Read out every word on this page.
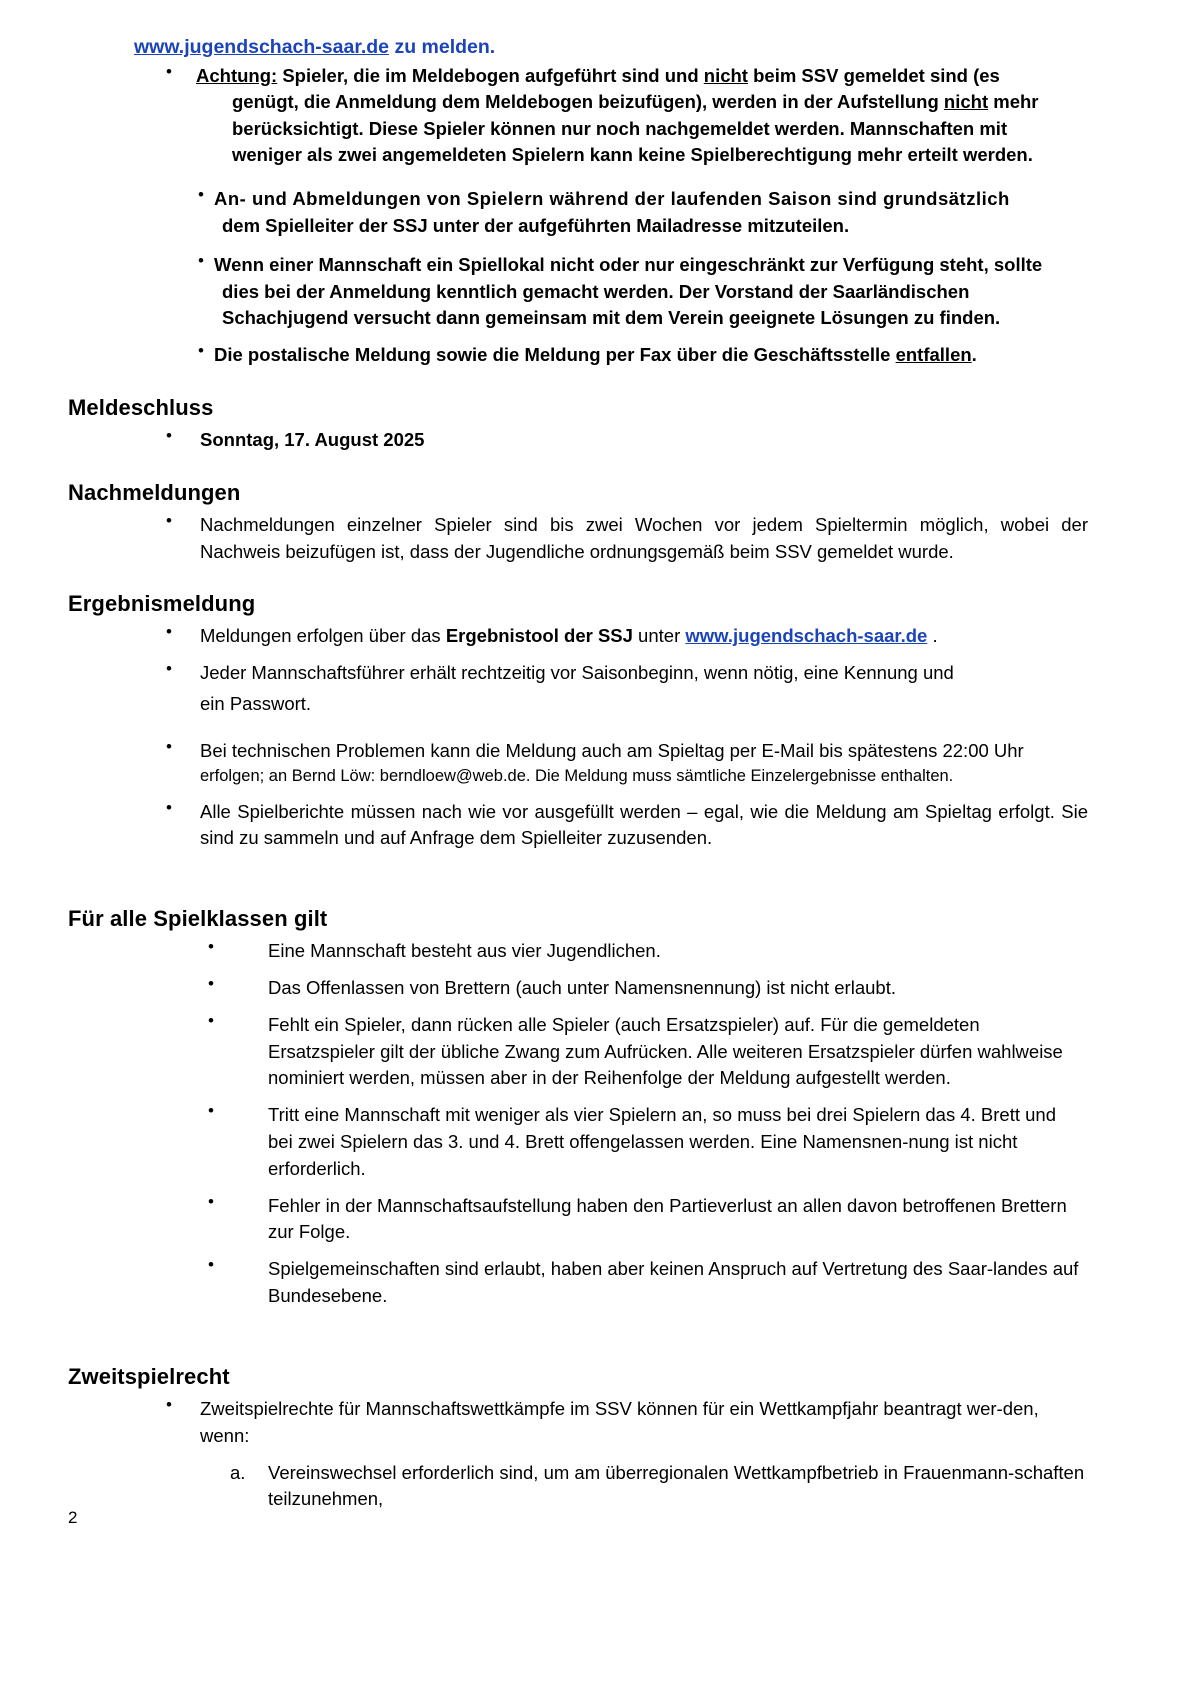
www.jugendschach-saar.de zu melden.
• Achtung: Spieler, die im Meldebogen aufgeführt sind und nicht beim SSV gemeldet sind (es
genügt, die Anmeldung dem Meldebogen beizufügen), werden in der Aufstellung nicht mehr
berücksichtigt. Diese Spieler können nur noch nachgemeldet werden. Mannschaften mit
weniger als zwei angemeldeten Spielern kann keine Spielberechtigung mehr erteilt werden.
• An- und Abmeldungen von Spielern während der laufenden Saison sind grundsätzlich
dem Spielleiter der SSJ unter der aufgeführten Mailadresse mitzuteilen.
• Wenn einer Mannschaft ein Spiellokal nicht oder nur eingeschränkt zur Verfügung steht, sollte
dies bei der Anmeldung kenntlich gemacht werden. Der Vorstand der Saarländischen
Schachjugend versucht dann gemeinsam mit dem Verein geeignete Lösungen zu finden.
• Die postalische Meldung sowie die Meldung per Fax über die Geschäftsstelle entfallen.
Meldeschluss
• Sonntag, 17. August 2025
Nachmeldungen
• Nachmeldungen einzelner Spieler sind bis zwei Wochen vor jedem Spieltermin möglich, wobei der Nachweis beizufügen ist, dass der Jugendliche ordnungsgemäß beim SSV gemeldet wurde.
Ergebnismeldung
• Meldungen erfolgen über das Ergebnistool der SSJ unter www.jugendschach-saar.de .
• Jeder Mannschaftsführer erhält rechtzeitig vor Saisonbeginn, wenn nötig, eine Kennung und
ein Passwort.
• Bei technischen Problemen kann die Meldung auch am Spieltag per E-Mail bis spätestens 22:00 Uhr
erfolgen; an Bernd Löw: berndloew@web.de. Die Meldung muss sämtliche Einzelergebnisse enthalten.
• Alle Spielberichte müssen nach wie vor ausgefüllt werden – egal, wie die Meldung am Spieltag erfolgt. Sie sind zu sammeln und auf Anfrage dem Spielleiter zuzusenden.
Für alle Spielklassen gilt
•	Eine Mannschaft besteht aus vier Jugendlichen.
•	Das Offenlassen von Brettern (auch unter Namensnennung) ist nicht erlaubt.
•	Fehlt ein Spieler, dann rücken alle Spieler (auch Ersatzspieler) auf. Für die gemeldeten Ersatzspieler gilt der übliche Zwang zum Aufrücken. Alle weiteren Ersatzspieler dürfen wahlweise nominiert werden, müssen aber in der Reihenfolge der Meldung aufgestellt werden.
•	Tritt eine Mannschaft mit weniger als vier Spielern an, so muss bei drei Spielern das 4. Brett und bei zwei Spielern das 3. und 4. Brett offengelassen werden. Eine Namensnen-nung ist nicht erforderlich.
•	Fehler in der Mannschaftsaufstellung haben den Partieverlust an allen davon betroffenen Brettern zur Folge.
•	Spielgemeinschaften sind erlaubt, haben aber keinen Anspruch auf Vertretung des Saar-landes auf Bundesebene.
Zweitspielrecht
• Zweitspielrechte für Mannschaftswettkämpfe im SSV können für ein Wettkampfjahr beantragt wer-den, wenn:
a. Vereinswechsel erforderlich sind, um am überregionalen Wettkampfbetrieb in Frauenmann-schaften teilzunehmen,
2
